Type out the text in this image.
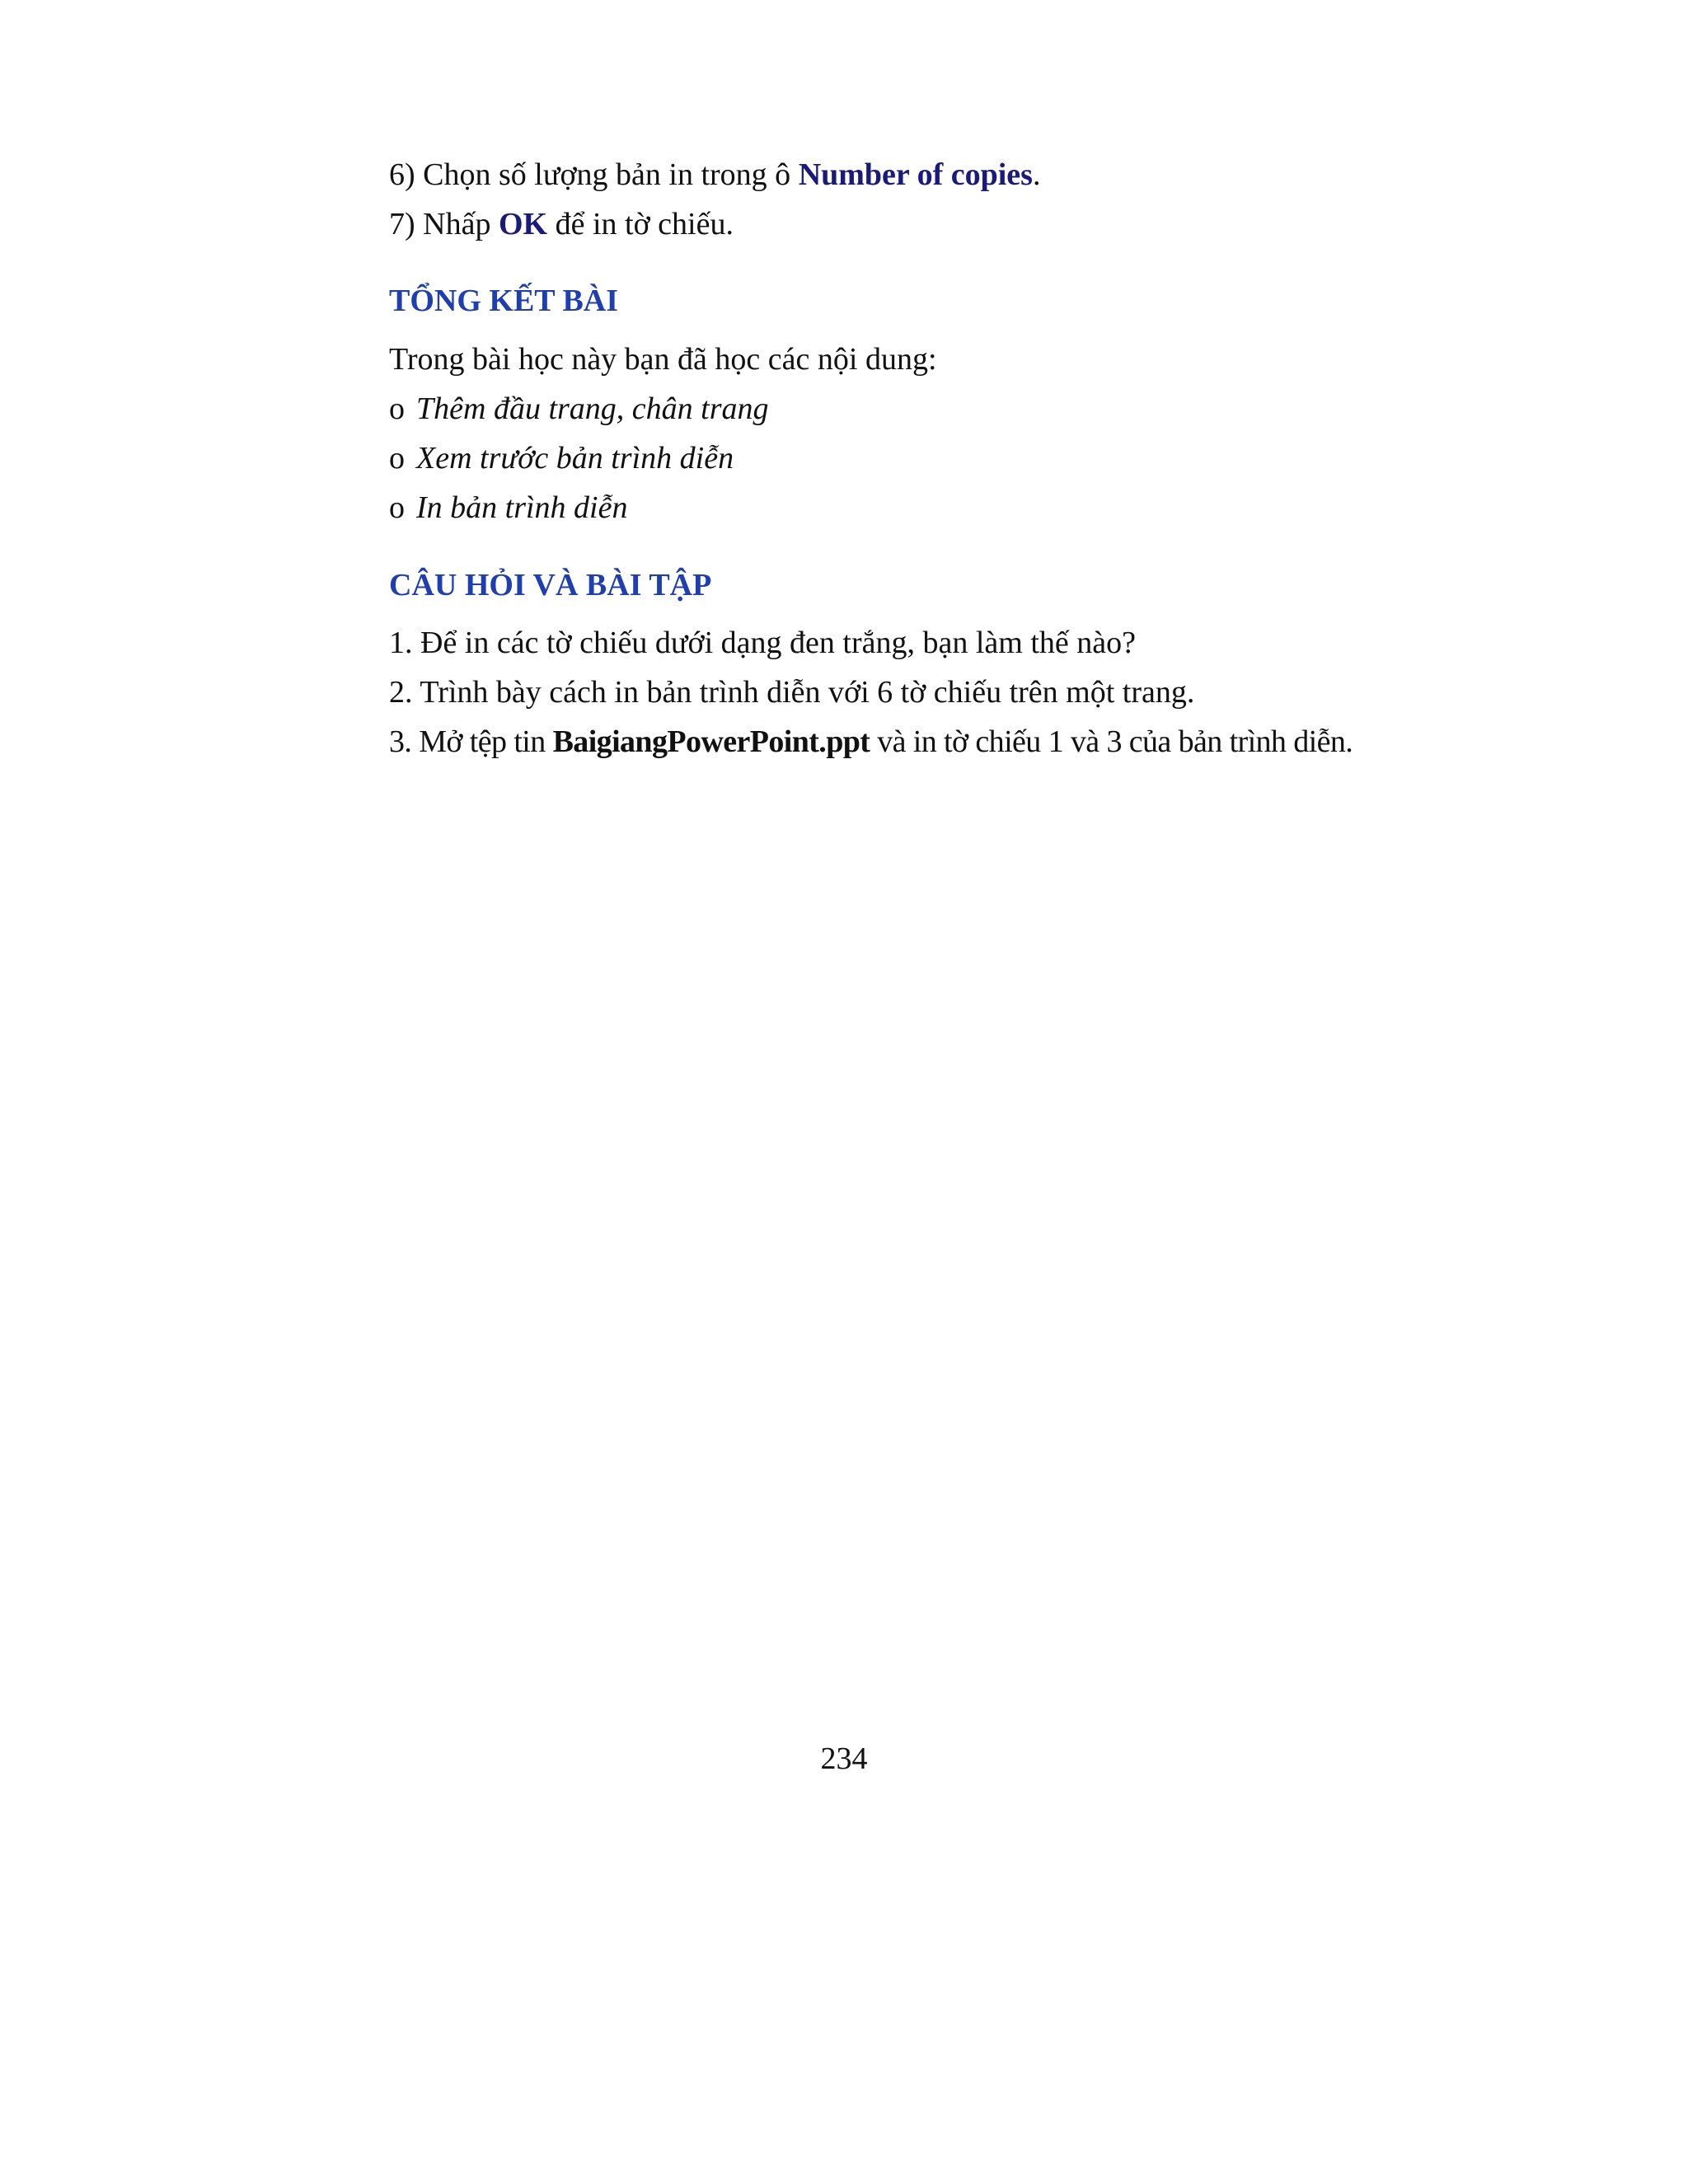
6) Chọn số lượng bản in trong ô Number of copies.
7) Nhấp OK để in tờ chiếu.
TỔNG KẾT BÀI
Trong bài học này bạn đã học các nội dung:
o Thêm đầu trang, chân trang
o Xem trước bản trình diễn
o In bản trình diễn
CÂU HỎI VÀ BÀI TẬP
1. Để in các tờ chiếu dưới dạng đen trắng, bạn làm thế nào?
2. Trình bày cách in bản trình diễn với 6 tờ chiếu trên một trang.
3. Mở tệp tin BaigiangPowerPoint.ppt và in tờ chiếu 1 và 3 của bản trình diễn.
234
